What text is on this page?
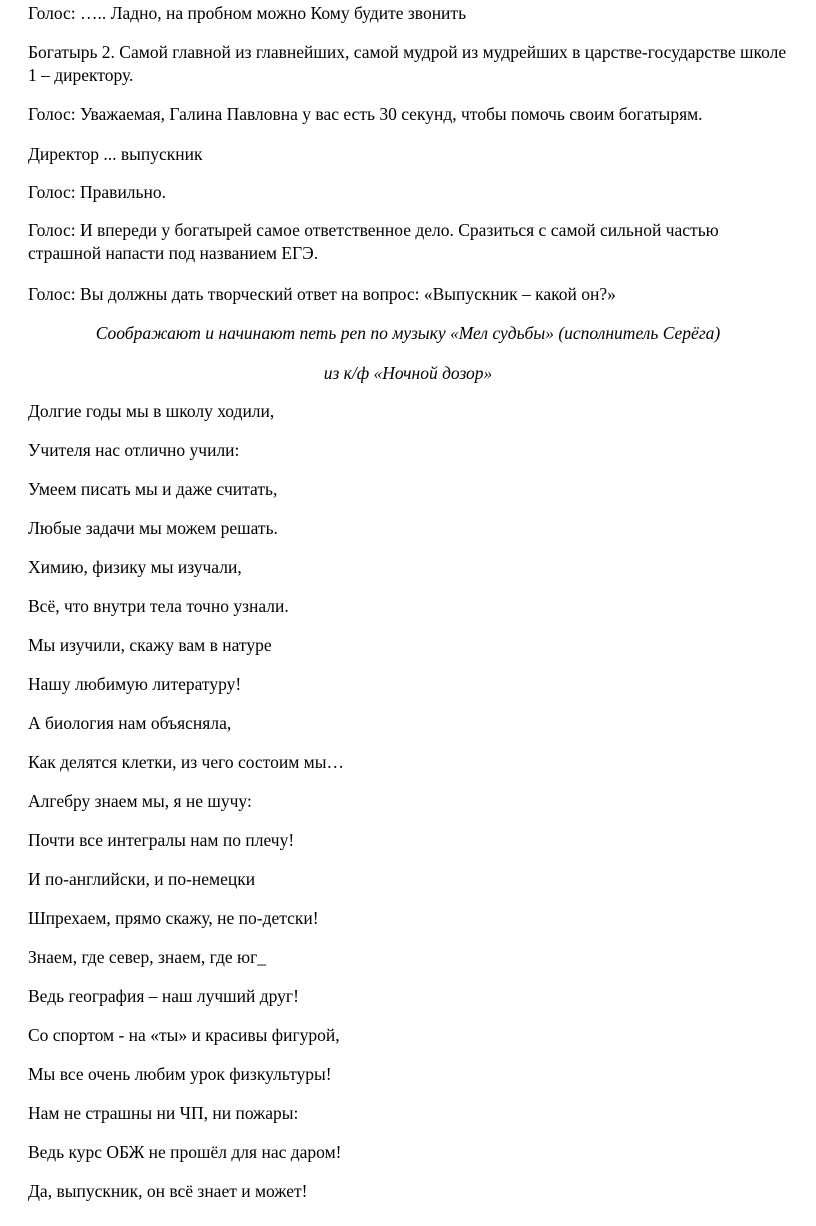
Голос: ….. Ладно, на пробном можно Кому будите звонить
Богатырь 2. Самой главной из главнейших, самой мудрой из мудрейших в царстве-государстве школе 1 – директору.
Голос: Уважаемая, Галина Павловна у вас есть 30 секунд, чтобы помочь своим богатырям.
Директор ... выпускник
Голос: Правильно.
Голос: И впереди у богатырей самое ответственное дело. Сразиться с самой сильной частью страшной напасти под названием ЕГЭ.
Голос: Вы должны дать творческий ответ на вопрос: «Выпускник – какой он?»
Соображают и начинают петь реп по музыку «Мел судьбы» (исполнитель Серёга)
из к/ф «Ночной дозор»
Долгие годы мы в школу ходили,
Учителя нас отлично учили:
Умеем писать мы и даже считать,
Любые задачи мы можем решать.
Химию, физику мы изучали,
Всё, что внутри тела точно узнали.
Мы изучили, скажу вам в натуре
Нашу любимую литературу!
А биология нам объясняла,
Как делятся клетки, из чего состоим мы…
Алгебру знаем мы, я не шучу:
Почти все интегралы нам по плечу!
И по-английски, и по-немецки
Шпрехаем, прямо скажу, не по-детски!
Знаем, где север, знаем, где юг_
Ведь география – наш лучший друг!
Со спортом - на «ты» и красивы фигурой,
Мы все очень любим урок физкультуры!
Нам не страшны ни ЧП, ни пожары:
Ведь курс ОБЖ не прошёл для нас даром!
Да, выпускник, он всё знает и может!
